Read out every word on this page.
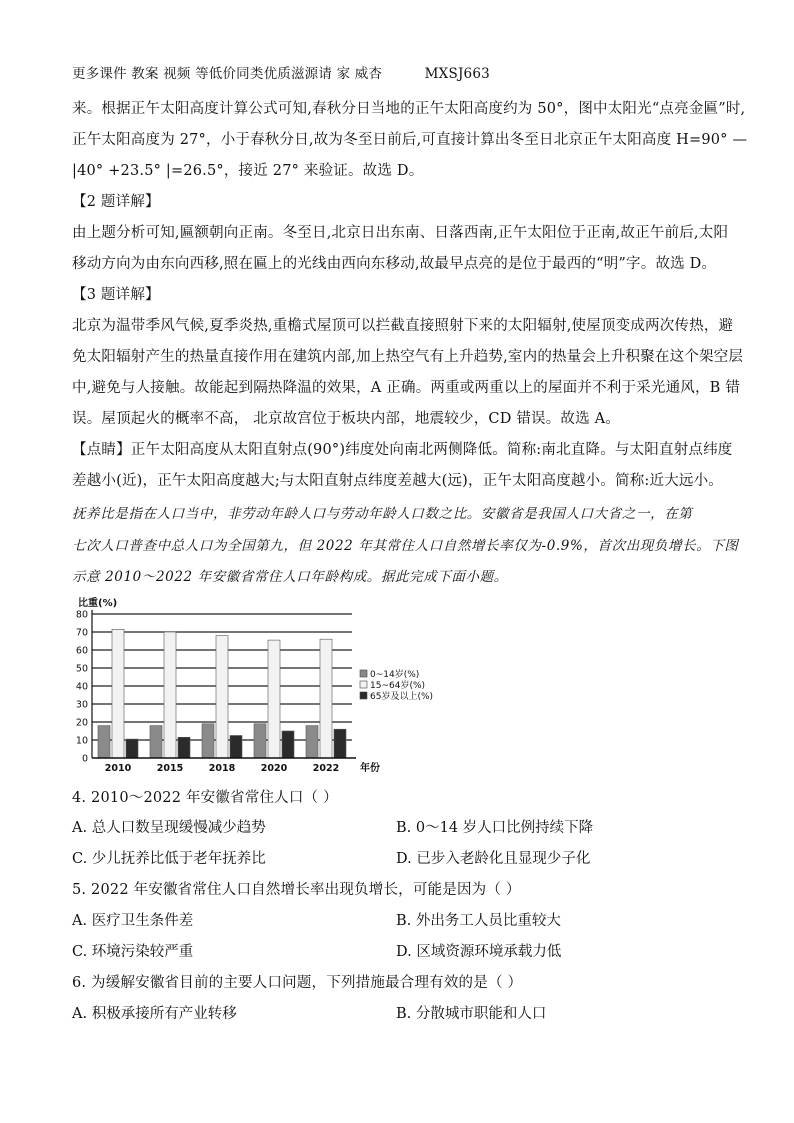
更多课件 教案 视频 等低价同类优质滋源请 家 威杏	MXSJ663
来。根据正午太阳高度计算公式可知,春秋分日当地的正午太阳高度约为 50°，图中太阳光“点亮金匾”时,
正午太阳高度为 27°，小于春秋分日,故为冬至日前后,可直接计算出冬至日北京正午太阳高度 H=90° —
|40° +23.5° |=26.5°，接近 27° 来验证。故选 D。
【2 题详解】
由上题分析可知,匾额朝向正南。冬至日,北京日出东南、日落西南,正午太阳位于正南,故正午前后,太阳
移动方向为由东向西移,照在匾上的光线由西向东移动,故最早点亮的是位于最西的“明”字。故选 D。
【3 题详解】
北京为温带季风气候,夏季炎热,重檐式屋顶可以拦截直接照射下来的太阳辐射,使屋顶变成两次传热，避
免太阳辐射产生的热量直接作用在建筑内部,加上热空气有上升趋势,室内的热量会上升积聚在这个架空层
中,避免与人接触。故能起到隔热降温的效果，A 正确。两重或两重以上的屋面并不利于采光通风，B 错
误。屋顶起火的概率不高， 北京故宫位于板块内部，地震较少，CD 错误。故选 A。
【点睛】正午太阳高度从太阳直射点(90°)纬度处向南北两侧降低。简称:南北直降。与太阳直射点纬度
差越小(近)，正午太阳高度越大;与太阳直射点纬度差越大(远)，正午太阳高度越小。简称:近大远小。
抚养比是指在人口当中，非劳动年龄人口与劳动年龄人口数之比。安徽省是我国人口大省之一，在第
七次人口普查中总人口为全国第九，但 2022 年其常住人口自然增长率仅为-0.9%，首次出现负增长。下图
示意 2010～2022 年安徽省常住人口年龄构成。据此完成下面小题。
0
10
20
30
40
50
60
70
80
比重(%)
年份
2010	2015	2018	2020	2022
0~14岁(%)
15~64岁(%)
65岁及以上(%)
4. 2010～2022 年安徽省常住人口（ ）
A. 总人口数呈现缓慢减少趋势	B. 0～14 岁人口比例持续下降
C. 少儿抚养比低于老年抚养比	D. 已步入老龄化且显现少子化
5. 2022 年安徽省常住人口自然增长率出现负增长，可能是因为（ ）
A. 医疗卫生条件差	B. 外出务工人员比重较大
C. 环境污染较严重	D. 区域资源环境承载力低
6. 为缓解安徽省目前的主要人口问题，下列措施最合理有效的是（ ）
A. 积极承接所有产业转移	B. 分散城市职能和人口
